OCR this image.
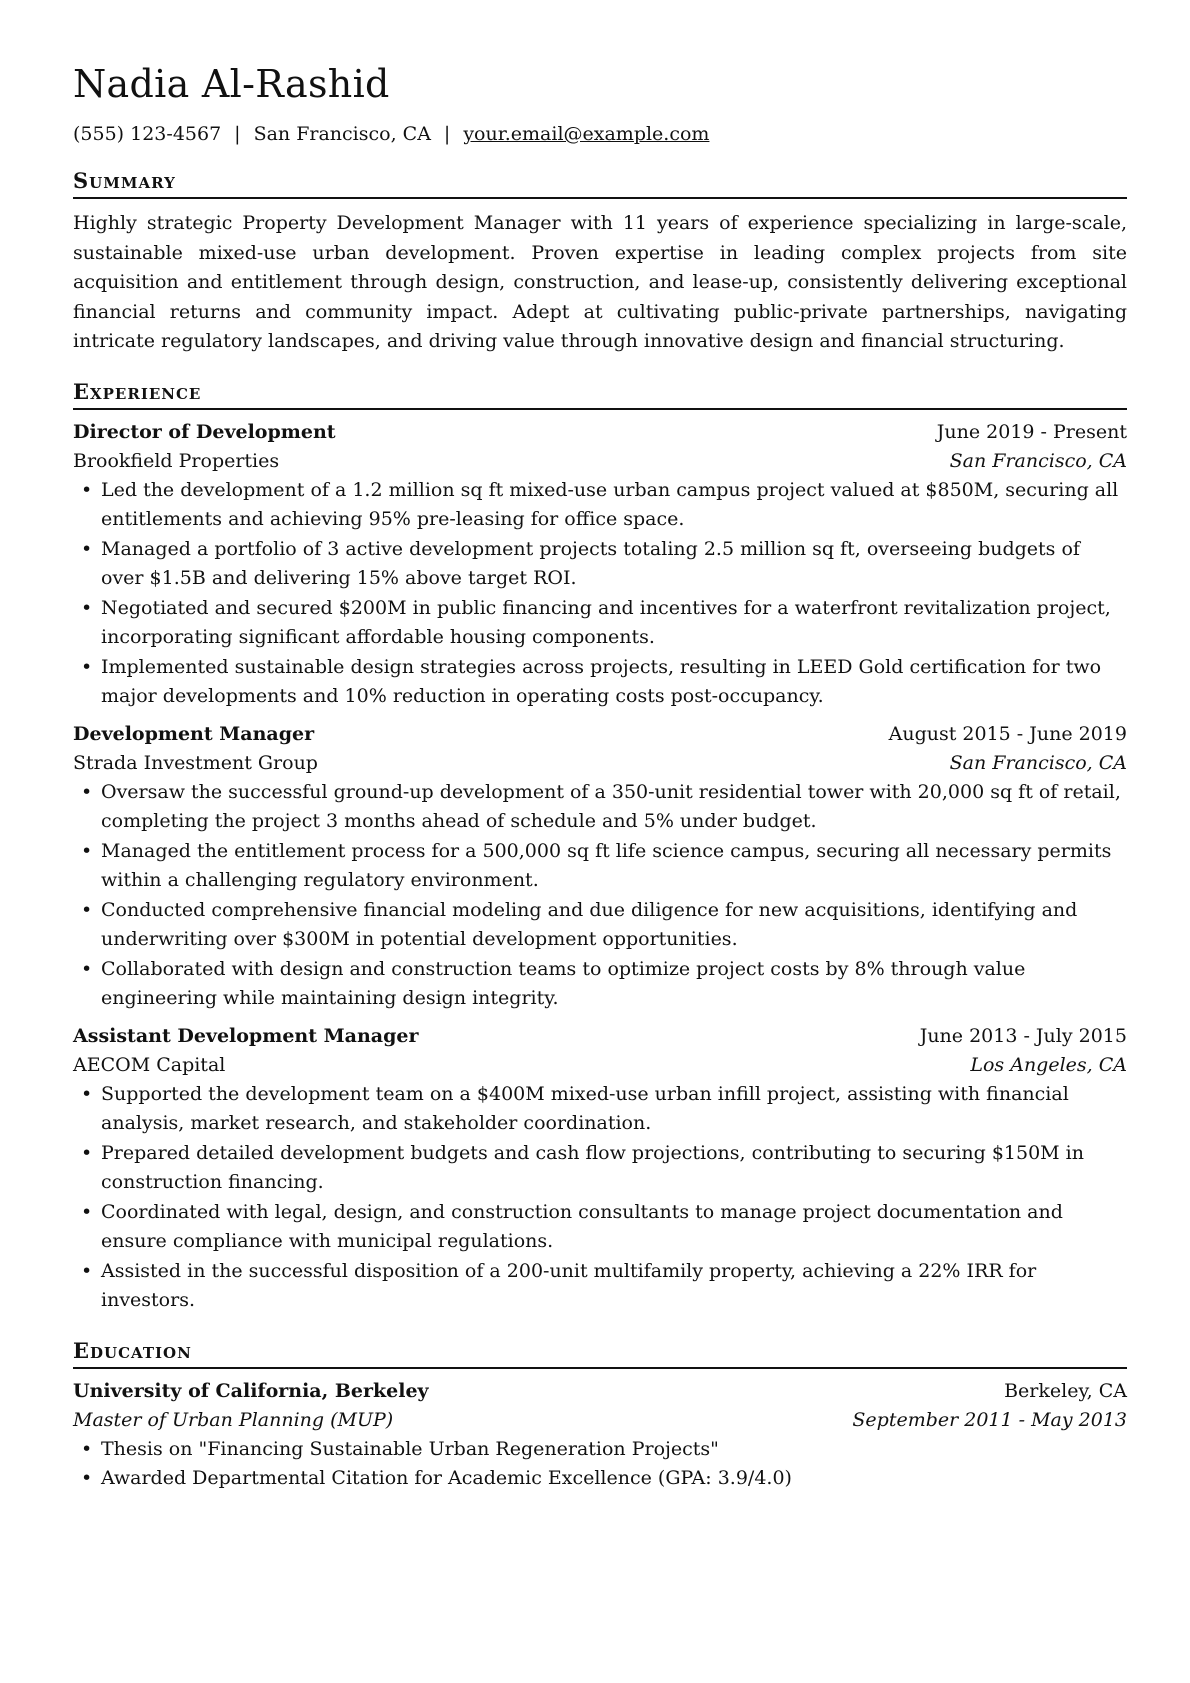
Nadia Al-Rashid
(555) 123-4567 | San Francisco, CA | your.email@example.com
Summary
Highly strategic Property Development Manager with 11 years of experience specializing in large-scale, sustainable mixed-use urban development. Proven expertise in leading complex projects from site acquisition and entitlement through design, construction, and lease-up, consistently delivering exceptional financial returns and community impact. Adept at cultivating public-private partnerships, navigating intricate regulatory landscapes, and driving value through innovative design and financial structuring.
Experience
Director of Development	June 2019 - Present
Brookfield Properties	San Francisco, CA
• Led the development of a 1.2 million sq ft mixed-use urban campus project valued at $850M, securing all entitlements and achieving 95% pre-leasing for office space.
• Managed a portfolio of 3 active development projects totaling 2.5 million sq ft, overseeing budgets of over $1.5B and delivering 15% above target ROI.
• Negotiated and secured $200M in public financing and incentives for a waterfront revitalization project, incorporating significant affordable housing components.
• Implemented sustainable design strategies across projects, resulting in LEED Gold certification for two major developments and 10% reduction in operating costs post-occupancy.
Development Manager	August 2015 - June 2019
Strada Investment Group	San Francisco, CA
• Oversaw the successful ground-up development of a 350-unit residential tower with 20,000 sq ft of retail, completing the project 3 months ahead of schedule and 5% under budget.
• Managed the entitlement process for a 500,000 sq ft life science campus, securing all necessary permits within a challenging regulatory environment.
• Conducted comprehensive financial modeling and due diligence for new acquisitions, identifying and underwriting over $300M in potential development opportunities.
• Collaborated with design and construction teams to optimize project costs by 8% through value engineering while maintaining design integrity.
Assistant Development Manager	June 2013 - July 2015
AECOM Capital	Los Angeles, CA
• Supported the development team on a $400M mixed-use urban infill project, assisting with financial analysis, market research, and stakeholder coordination.
• Prepared detailed development budgets and cash flow projections, contributing to securing $150M in construction financing.
• Coordinated with legal, design, and construction consultants to manage project documentation and ensure compliance with municipal regulations.
• Assisted in the successful disposition of a 200-unit multifamily property, achieving a 22% IRR for investors.
Education
University of California, Berkeley	Berkeley, CA
Master of Urban Planning (MUP)	September 2011 - May 2013
• Thesis on "Financing Sustainable Urban Regeneration Projects"
• Awarded Departmental Citation for Academic Excellence (GPA: 3.9/4.0)
